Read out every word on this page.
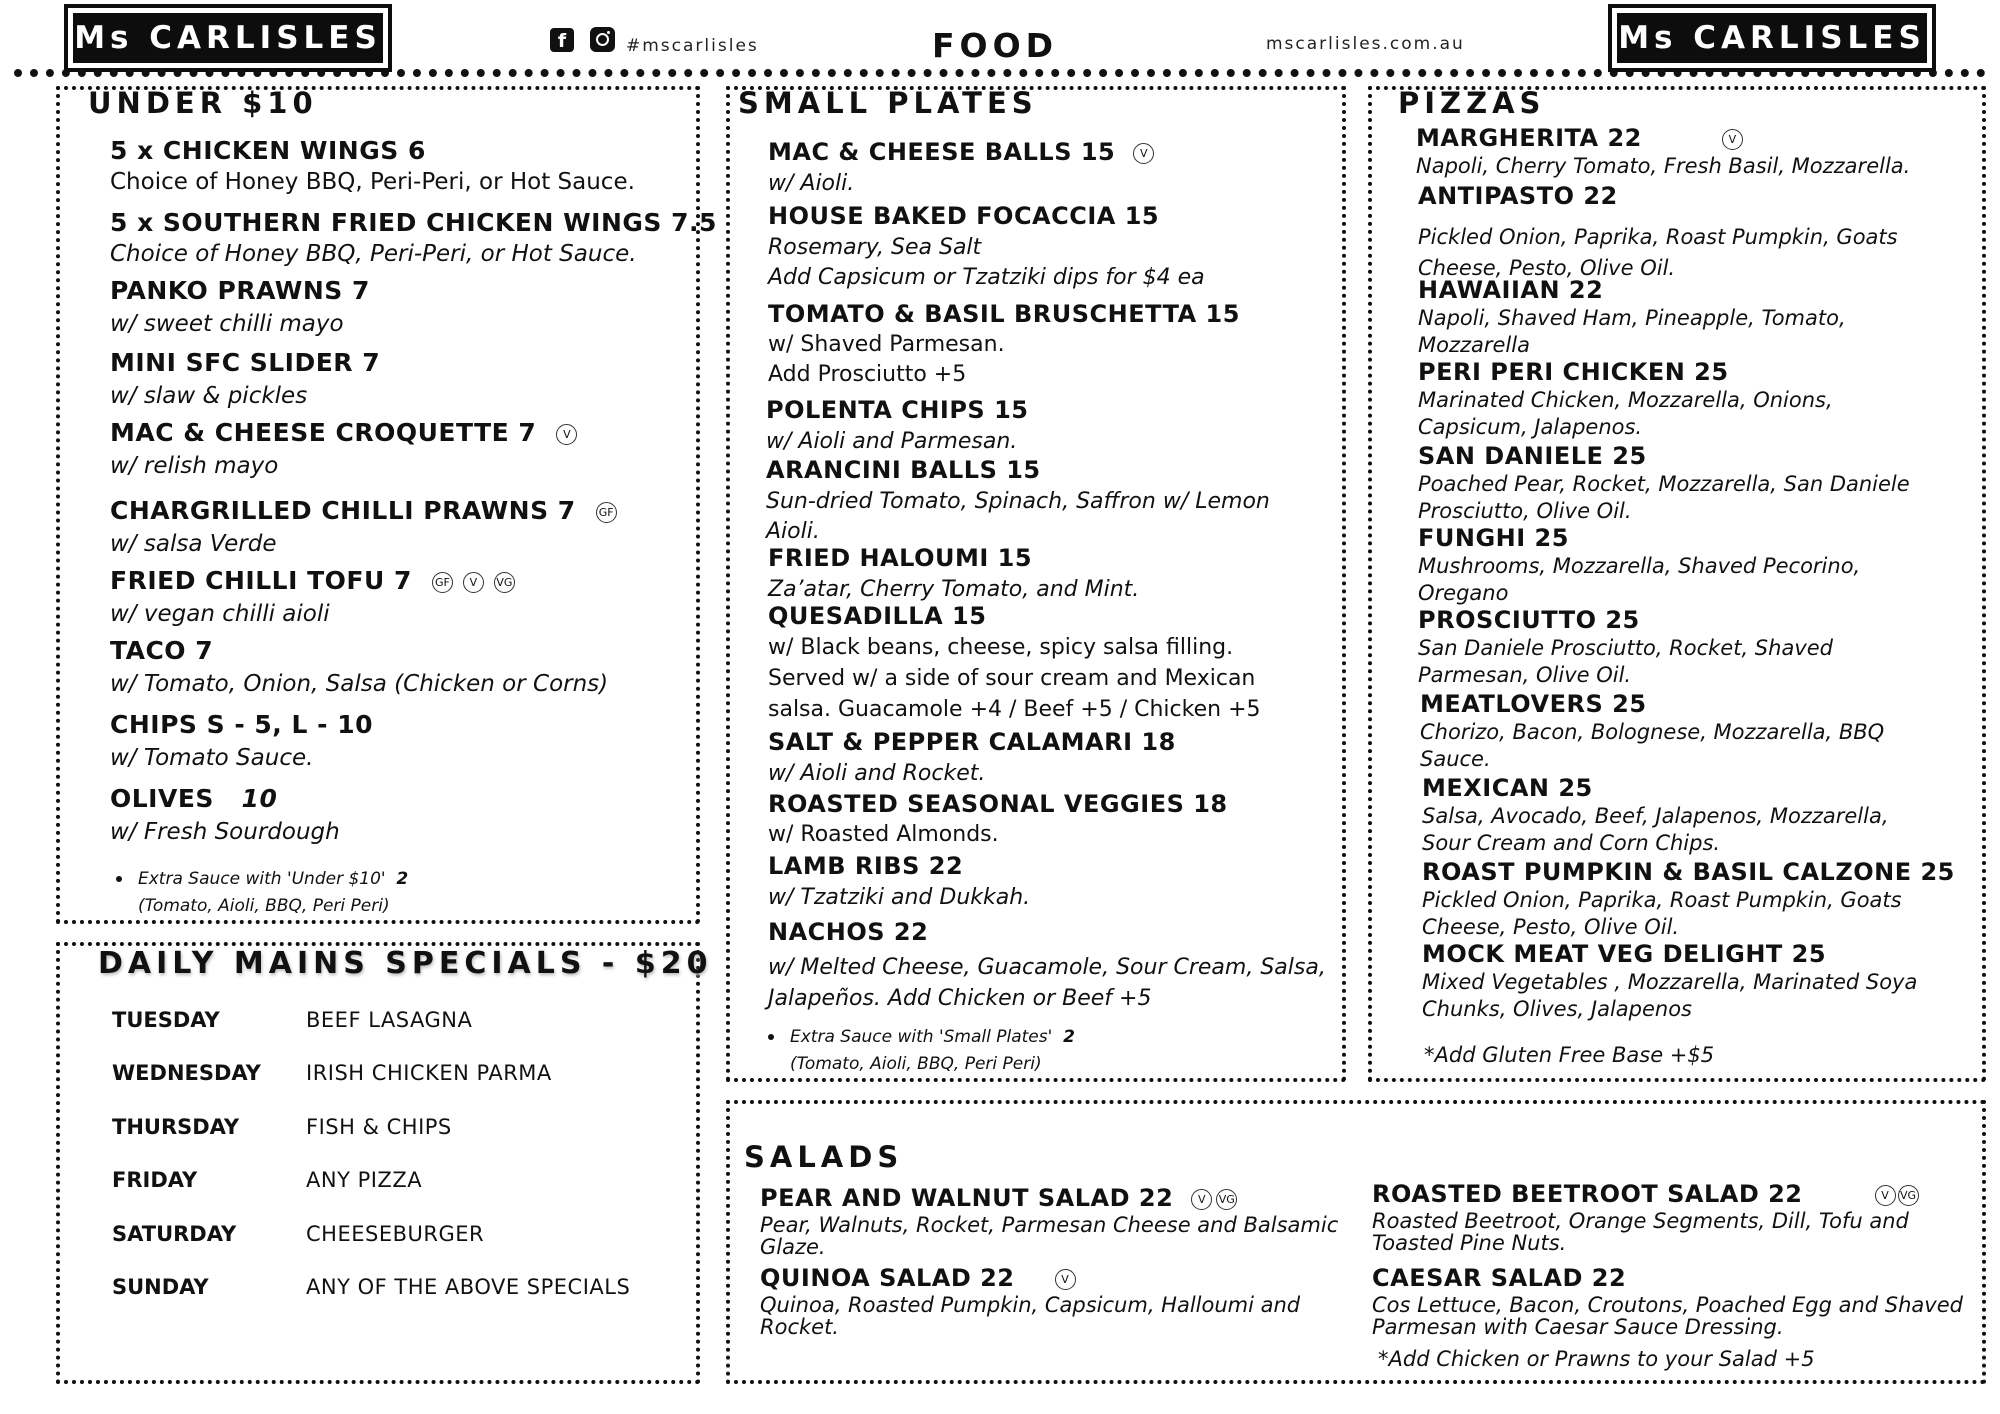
Ms CARLISLES	Ms CARLISLES
f	#mscarlisles	FOOD	mscarlisles.com.au
UNDER $10
5 x CHICKEN WINGS 6
Choice of Honey BBQ, Peri-Peri, or Hot Sauce.
5 x SOUTHERN FRIED CHICKEN WINGS 7.5
Choice of Honey BBQ, Peri-Peri, or Hot Sauce.
PANKO PRAWNS 7
w/ sweet chilli mayo
MINI SFC SLIDER 7
w/ slaw & pickles
MAC & CHEESE CROQUETTE 7 V
w/ relish mayo
CHARGRILLED CHILLI PRAWNS 7 GF
w/ salsa Verde
FRIED CHILLI TOFU 7 GF V VG
w/ vegan chilli aioli
TACO 7
w/ Tomato, Onion, Salsa (Chicken or Corns)
CHIPS S - 5, L - 10
w/ Tomato Sauce.
OLIVES 10
w/ Fresh Sourdough
Extra Sauce with 'Under $10' 2
(Tomato, Aioli, BBQ, Peri Peri)
DAILY MAINS SPECIALS - $20
TUESDAY	BEEF LASAGNA
WEDNESDAY IRISH CHICKEN PARMA
THURSDAY	FISH & CHIPS
FRIDAY	ANY PIZZA
SATURDAY	CHEESEBURGER
SUNDAY	ANY OF THE ABOVE SPECIALS
SMALL PLATES
MAC & CHEESE BALLS 15 V
w/ Aioli.
HOUSE BAKED FOCACCIA 15
Rosemary, Sea Salt
Add Capsicum or Tzatziki dips for $4 ea
TOMATO & BASIL BRUSCHETTA 15
w/ Shaved Parmesan.
Add Prosciutto +5
POLENTA CHIPS 15
w/ Aioli and Parmesan.
ARANCINI BALLS 15
Sun-dried Tomato, Spinach, Saffron w/ Lemon
Aioli.
FRIED HALOUMI 15
Za’atar, Cherry Tomato, and Mint.
QUESADILLA 15
w/ Black beans, cheese, spicy salsa filling.
Served w/ a side of sour cream and Mexican
salsa. Guacamole +4 / Beef +5 / Chicken +5
SALT & PEPPER CALAMARI 18
w/ Aioli and Rocket.
ROASTED SEASONAL VEGGIES 18
w/ Roasted Almonds.
LAMB RIBS 22
w/ Tzatziki and Dukkah.
NACHOS 22
w/ Melted Cheese, Guacamole, Sour Cream, Salsa,
Jalapeños. Add Chicken or Beef +5
Extra Sauce with 'Small Plates' 2
(Tomato, Aioli, BBQ, Peri Peri)
PIZZAS
MARGHERITA 22	V
Napoli, Cherry Tomato, Fresh Basil, Mozzarella.
ANTIPASTO 22
Pickled Onion, Paprika, Roast Pumpkin, Goats
Cheese, Pesto, Olive Oil.
HAWAIIAN 22
Napoli, Shaved Ham, Pineapple, Tomato,
Mozzarella
PERI PERI CHICKEN 25
Marinated Chicken, Mozzarella, Onions,
Capsicum, Jalapenos.
SAN DANIELE 25
Poached Pear, Rocket, Mozzarella, San Daniele
Prosciutto, Olive Oil.
FUNGHI 25
Mushrooms, Mozzarella, Shaved Pecorino,
Oregano
PROSCIUTTO 25
San Daniele Prosciutto, Rocket, Shaved
Parmesan, Olive Oil.
MEATLOVERS 25
Chorizo, Bacon, Bolognese, Mozzarella, BBQ
Sauce.
MEXICAN 25
Salsa, Avocado, Beef, Jalapenos, Mozzarella,
Sour Cream and Corn Chips.
ROAST PUMPKIN & BASIL CALZONE 25
Pickled Onion, Paprika, Roast Pumpkin, Goats
Cheese, Pesto, Olive Oil.
MOCK MEAT VEG DELIGHT 25
Mixed Vegetables , Mozzarella, Marinated Soya
Chunks, Olives, Jalapenos
*Add Gluten Free Base +$5
SALADS
PEAR AND WALNUT SALAD 22 V VG
Pear, Walnuts, Rocket, Parmesan Cheese and Balsamic
Glaze.
QUINOA SALAD 22	V
Quinoa, Roasted Pumpkin, Capsicum, Halloumi and
Rocket.
ROASTED BEETROOT SALAD 22	V VG
Roasted Beetroot, Orange Segments, Dill, Tofu and
Toasted Pine Nuts.
CAESAR SALAD 22
Cos Lettuce, Bacon, Croutons, Poached Egg and Shaved
Parmesan with Caesar Sauce Dressing.
*Add Chicken or Prawns to your Salad +5
